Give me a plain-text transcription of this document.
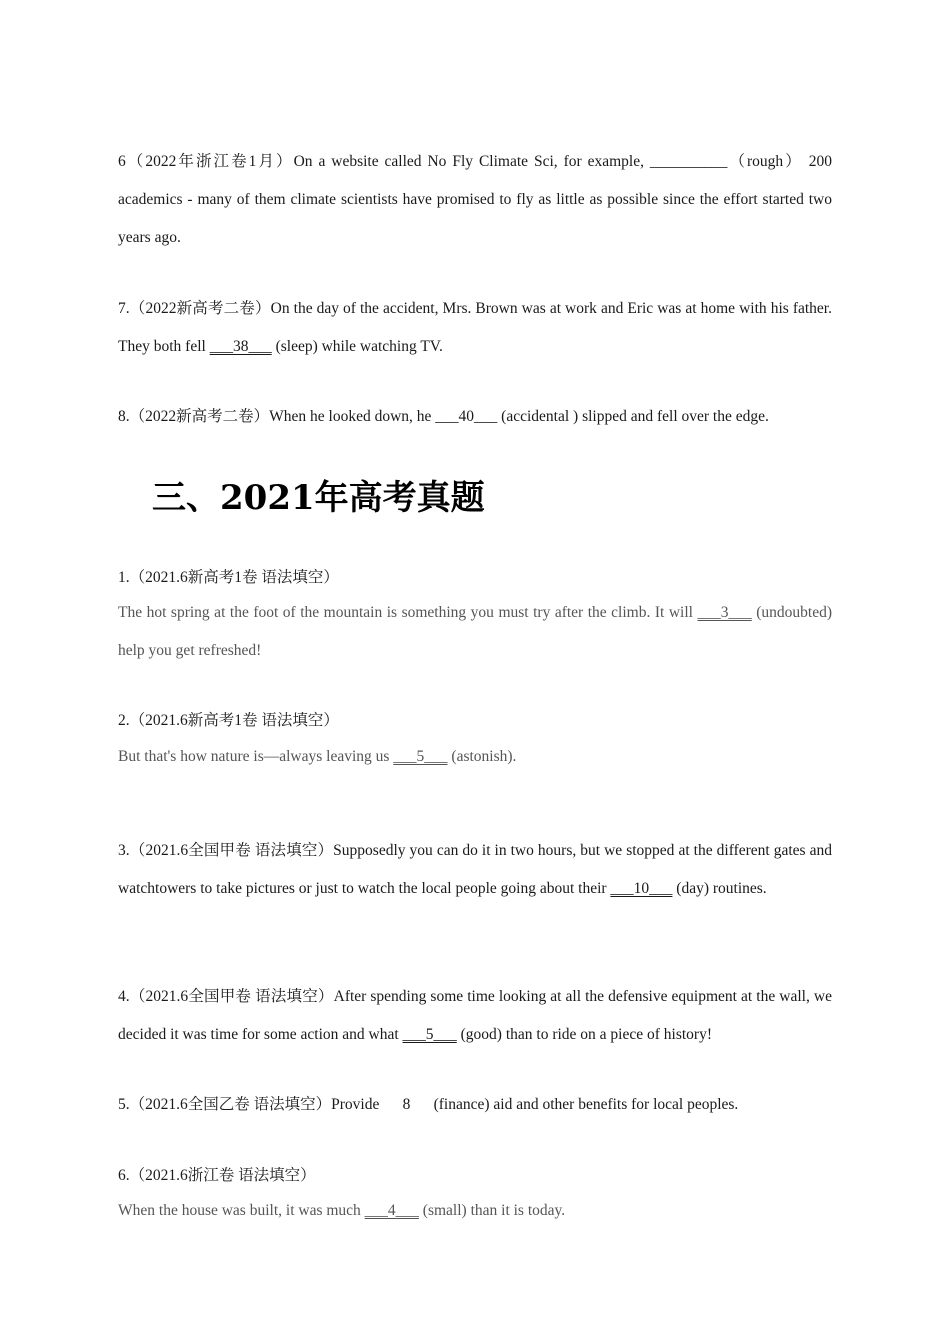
6（2022年浙江卷1月）On a website called No Fly Climate Sci, for example, __________（rough） 200 academics - many of them climate scientists have promised to fly as little as possible since the effort started two years ago.
7.（2022新高考二卷）On the day of the accident, Mrs. Brown was at work and Eric was at home with his father. They both fell ___38___ (sleep) while watching TV.
8.（2022新高考二卷）When he looked down, he ___40___ (accidental ) slipped and fell over the edge.
三、2021年高考真题
1.（2021.6新高考1卷 语法填空）
The hot spring at the foot of the mountain is something you must try after the climb. It will ___3___ (undoubted) help you get refreshed!
2.（2021.6新高考1卷 语法填空）
But that's how nature is—always leaving us ___5___ (astonish).
3.（2021.6全国甲卷 语法填空）Supposedly you can do it in two hours, but we stopped at the different gates and watchtowers to take pictures or just to watch the local people going about their ___10___ (day) routines.
4.（2021.6全国甲卷 语法填空）After spending some time looking at all the defensive equipment at the wall, we decided it was time for some action and what ___5___ (good) than to ride on a piece of history!
5.（2021.6全国乙卷 语法填空）Provide      8      (finance) aid and other benefits for local peoples.
6.（2021.6浙江卷 语法填空）
When the house was built, it was much ___4___ (small) than it is today.
